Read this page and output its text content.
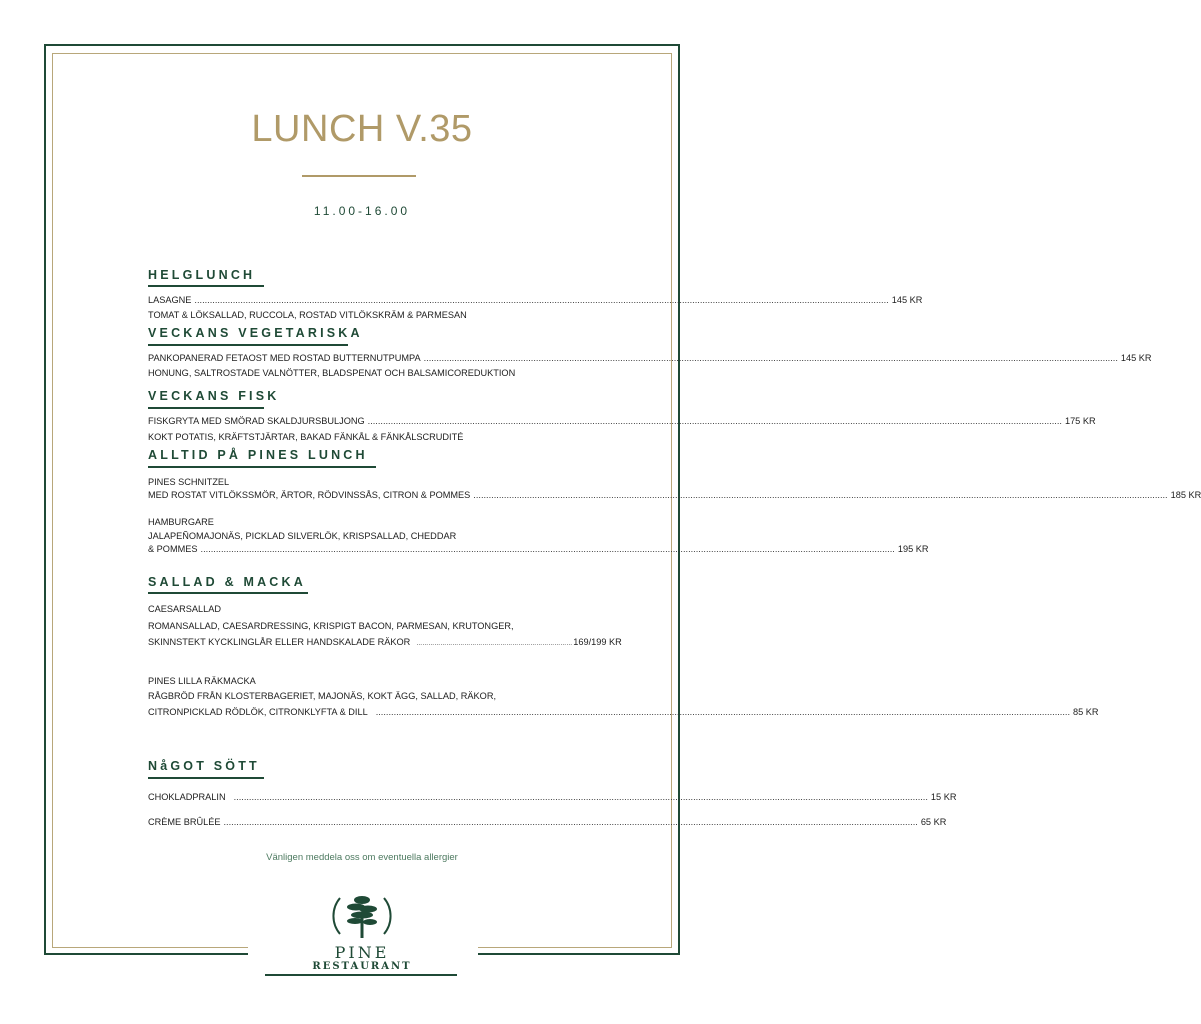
LUNCH V.35
11.00-16.00
HELGLUNCH
LASAGNE .....	145 KR
TOMAT & LÖKSALLAD, RUCCOLA, ROSTAD VITLÖKSKRÄM & PARMESAN
VECKANS VEGETARISKA
PANKOPANERAD FETAOST MED ROSTAD BUTTERNUTPUMPA .....	145 KR
HONUNG, SALTROSTADE VALNÖTTER, BLADSPENAT OCH BALSAMICOREDUKTION
VECKANS FISK
FISKGRYTA MED SMÖRAD SKALDJURSBULJONG .....	175 KR
KOKT POTATIS, KRÄFTSTJÄRTAR, BAKAD FÄNKÅL & FÄNKÅLSCRUDITÉ
ALLTID PÅ PINES LUNCH
PINES SCHNITZEL
MED ROSTAT VITLÖKSSMÖR, ÄRTOR, RÖDVINSSÅS, CITRON & POMMES .....	185 KR
HAMBURGARE
JALAPEÑOMAJONÄS, PICKLAD SILVERLÖK, KRISPSALLAD, CHEDDAR
& POMMES .....	195 KR
SALLAD & MACKA
CAESARSALLAD
ROMANSALLAD, CAESARDRESSING, KRISPIGT BACON, PARMESAN, KRUTONGER,
SKINNSTEKT KYCKLINGLÅR ELLER HANDSKALADE RÄKOR …………………………………………………………………… 169/199 KR
PINES LILLA RÄKMACKA
RÅGBRÖD FRÅN KLOSTERBAGERIET, MAJONÄS, KOKT ÄGG, SALLAD, RÄKOR,
CITRONPICKLAD RÖDLÖK, CITRONKLYFTA & DILL .....	85 KR
NåGOT SÖTT
CHOKLADPRALIN .....	15 KR
CRÈME BRÛLÉE .....	65 KR
Vänligen meddela oss om eventuella allergier
PINE
RESTAURANT
